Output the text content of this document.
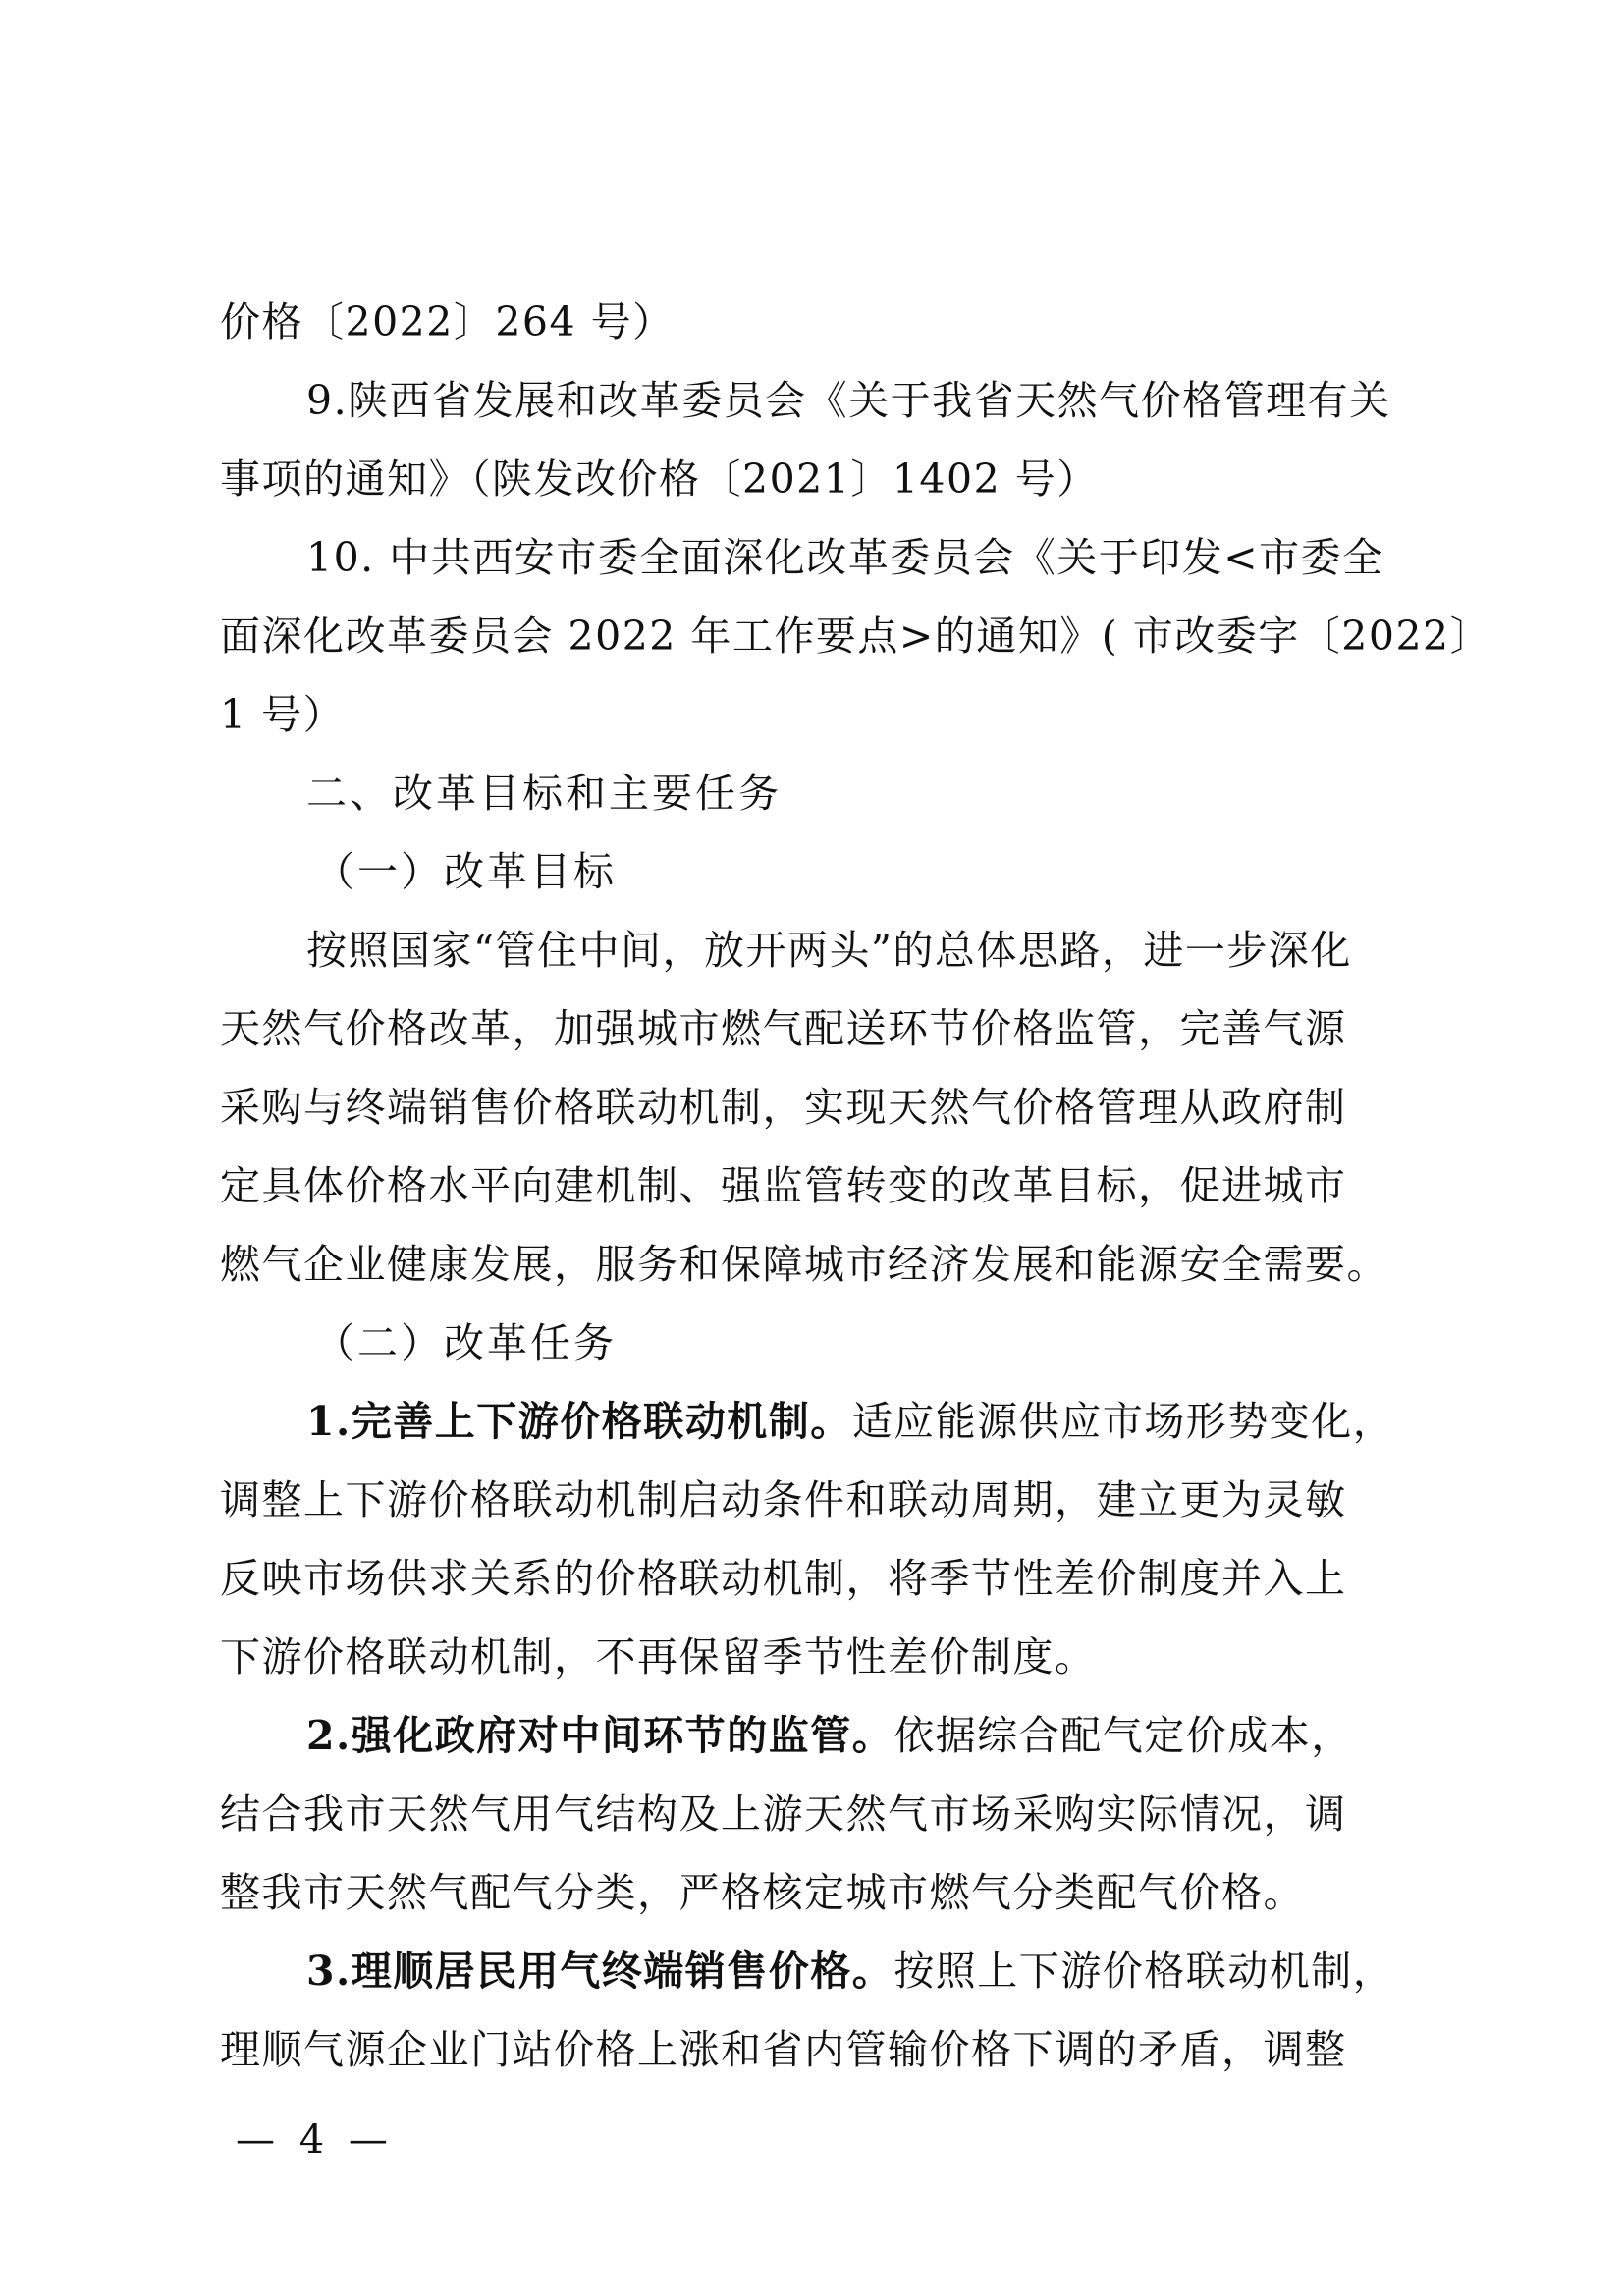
价格〔2022〕264 号）
9.陕西省发展和改革委员会《关于我省天然气价格管理有关
事项的通知》（陕发改价格〔2021〕1402 号）
10. 中共西安市委全面深化改革委员会《关于印发<市委全
面深化改革委员会 2022 年工作要点>的通知》( 市改委字〔2022〕
1 号）
二、改革目标和主要任务
（一）改革目标
按照国家“管住中间，放开两头”的总体思路，进一步深化
天然气价格改革，加强城市燃气配送环节价格监管，完善气源
采购与终端销售价格联动机制，实现天然气价格管理从政府制
定具体价格水平向建机制、强监管转变的改革目标，促进城市
燃气企业健康发展，服务和保障城市经济发展和能源安全需要。
（二）改革任务
1.完善上下游价格联动机制。适应能源供应市场形势变化，
调整上下游价格联动机制启动条件和联动周期，建立更为灵敏
反映市场供求关系的价格联动机制，将季节性差价制度并入上
下游价格联动机制，不再保留季节性差价制度。
2.强化政府对中间环节的监管。依据综合配气定价成本，
结合我市天然气用气结构及上游天然气市场采购实际情况，调
整我市天然气配气分类，严格核定城市燃气分类配气价格。
3.理顺居民用气终端销售价格。按照上下游价格联动机制，
理顺气源企业门站价格上涨和省内管输价格下调的矛盾，调整
— 4 —
